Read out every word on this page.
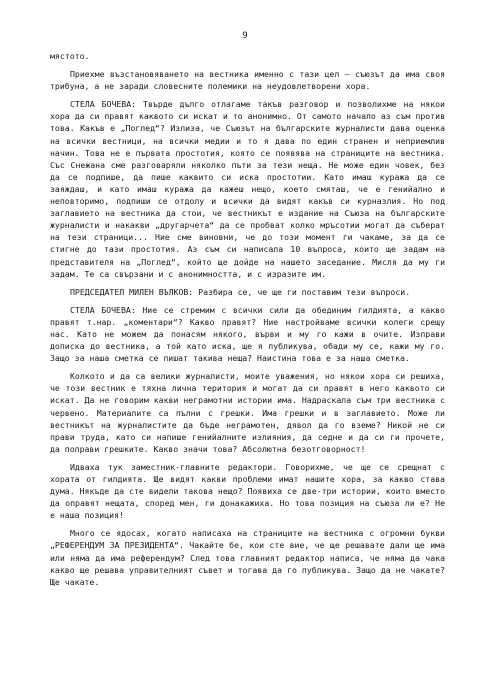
9

мястото.

Приехме възстановяването на вестника именно с тази цел – съюзът да има своя трибуна, а не заради словесните полемики на неудовлетворени хора.

СТЕЛА БОЧЕВА: Твърде дълго отлагаме такъв разговор и позволихме на някои хора да си правят каквото си искат и то анонимно. От самото начало аз съм против това. Какъв е „Поглед“? Излиза, че Съюзът на българските журналисти дава оценка на всички вестници, на всички медии и то я дава по един странен и неприемлив начин. Това не е първата простотия, която се появява на страниците на вестника. Със Снежана сме разговаряли няколко пъти за тези неща. Не може един човек, без да се подпише, да пише каквито си иска простотии. Като имаш куража да се заяждаш, и като имаш куража да кажеш нещо, което смяташ, че е генийално и неповторимо, подпиши се отдолу и всички да видят какъв си курназлия. Но под заглавието на вестника да стои, че вестникът е издание на Съюза на българските журналисти и накакви „другарчета“ да се пробват колко мръсотии могат да съберат на тези страници... Ние сме виновни, че до този момент ги чакаме, за да се стигне до тази простотия. Аз съм си написала 10 въпроса, които ще задам на представителя на „Поглед“, който ще дойде на нашето заседание. Мисля да му ги задам. Те са свързани и с анонимността, и с изразите им.

ПРЕДСЕДАТЕЛ МИЛЕН ВЪЛКОВ: Разбира се, че ще ги поставим тези въпроси.

СТЕЛА БОЧЕВА: Ние се стремим с всички сили да обединим гилдията, а какво правят т.нар. „коментари“? Какво правят? Ние настройваме всички колеги срещу нас. Като не можем да понасям някого, върви и му го кажи в очите. Изправи дописка до вестника, а той като иска, ще я публикува, обади му се, кажи му го. Защо за наша сметка се пишат такива неща? Наистина това е за наша сметка.

Колкото и да са велики журналисти, моите уважения, но някои хора си решиха, че този вестник е тяхна лична територия и могат да си правят в него каквото си искат. Да не говорим какви неграмотни истории има. Надраскала съм три вестника с червено. Материалите са пълни с грешки. Има грешки и в заглавието. Може ли вестникът на журналистите да бъде неграмотен, дявол да го вземе? Никой не си прави труда, като си напише генийалните излияния, да седне и да си ги прочете, да поправи грешките. Какво значи това? Абсолютна безотговорност!

Идваха тук заместник-главните редактори. Говорихме, че ще се срещнат с хората от гилдията. Ще видят какви проблеми имат нашите хора, за какво става дума. Някъде да сте видели такова нещо? Появиха се две-три истории, които вместо да оправят нещата, според мен, ги донакажиха. Но това позиция на съюза ли е? Не е наша позиция!

Много се ядосах, когато написаха на страниците на вестника с огромни букви „РЕФЕРЕНДУМ ЗА ПРЕЗИДЕНТА“. Чакайте бе, кои сте вие, че ще решавате дали ще има или няма да има референдум? След това главният редактор написа, че няма да чака какво ще решава управителният съвет и тогава да го публикува. Защо да не чакате? Ще чакате.
